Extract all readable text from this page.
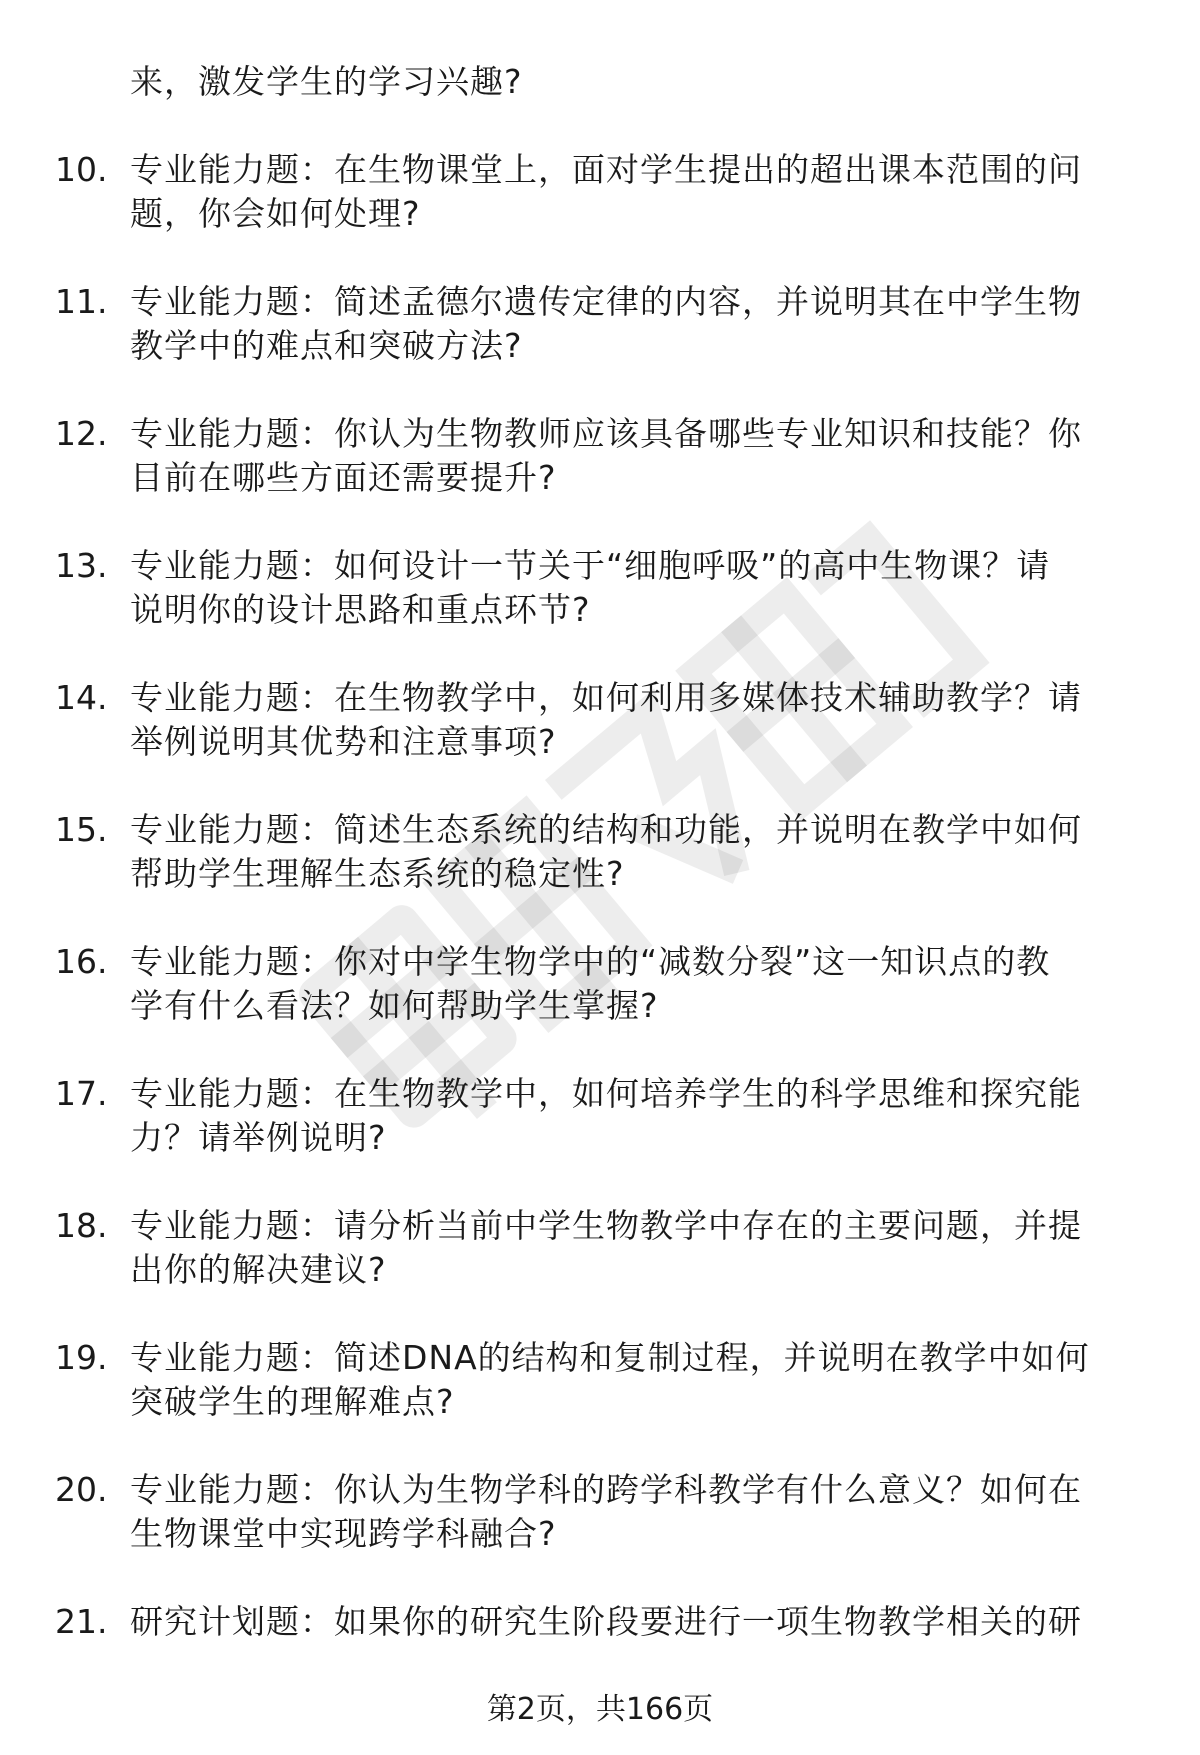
来，激发学生的学习兴趣?
10. 专业能力题：在生物课堂上，面对学生提出的超出课本范围的问
题，你会如何处理?
11. 专业能力题：简述孟德尔遗传定律的内容，并说明其在中学生物
教学中的难点和突破方法?
12. 专业能力题：你认为生物教师应该具备哪些专业知识和技能？你
目前在哪些方面还需要提升?
13. 专业能力题：如何设计一节关于“细胞呼吸”的高中生物课？请
说明你的设计思路和重点环节?
14. 专业能力题：在生物教学中，如何利用多媒体技术辅助教学？请
举例说明其优势和注意事项?
15. 专业能力题：简述生态系统的结构和功能，并说明在教学中如何
帮助学生理解生态系统的稳定性?
16. 专业能力题：你对中学生物学中的“减数分裂”这一知识点的教
学有什么看法？如何帮助学生掌握?
17. 专业能力题：在生物教学中，如何培养学生的科学思维和探究能
力？请举例说明?
18. 专业能力题：请分析当前中学生物教学中存在的主要问题，并提
出你的解决建议?
19. 专业能力题：简述DNA的结构和复制过程，并说明在教学中如何
突破学生的理解难点?
20. 专业能力题：你认为生物学科的跨学科教学有什么意义？如何在
生物课堂中实现跨学科融合?
21. 研究计划题：如果你的研究生阶段要进行一项生物教学相关的研
第2页，共166页
